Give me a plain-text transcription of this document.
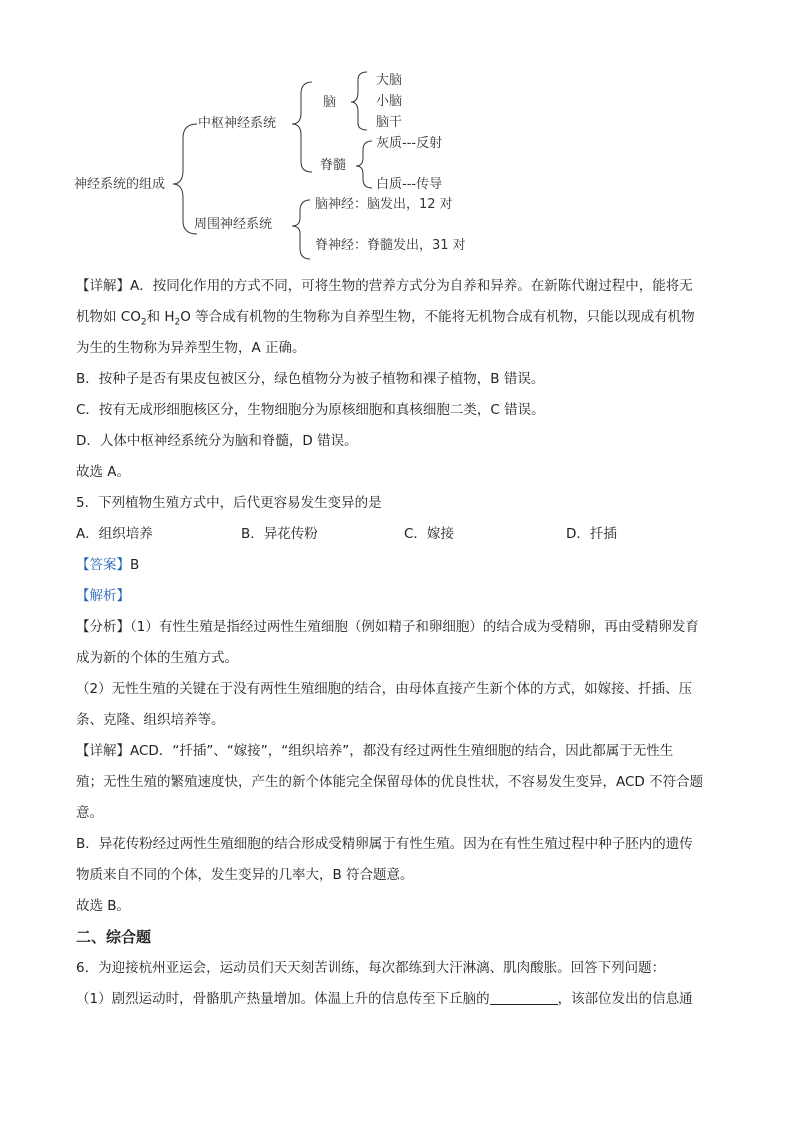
神经系统的组成
中枢神经系统
脑
大脑
小脑
脑干
脊髓
灰质---反射
白质---传导
周围神经系统
脑神经：脑发出，12 对
脊神经：脊髓发出，31 对
【详解】A．按同化作用的方式不同，可将生物的营养方式分为自养和异养。在新陈代谢过程中，能将无
机物如 $CO_2$和 $H_2O$ 等合成有机物的生物称为自养型生物，不能将无机物合成有机物，只能以现成有机物
为生的生物称为异养型生物，A 正确。
B．按种子是否有果皮包被区分，绿色植物分为被子植物和裸子植物，B 错误。
C．按有无成形细胞核区分，生物细胞分为原核细胞和真核细胞二类，C 错误。
D．人体中枢神经系统分为脑和脊髓，D 错误。
故选 A。
5．下列植物生殖方式中，后代更容易发生变异的是
A．组织培养	B．异花传粉	C．嫁接	D．扦插
【答案】B
【解析】
【分析】（1）有性生殖是指经过两性生殖细胞（例如精子和卵细胞）的结合成为受精卵，再由受精卵发育
成为新的个体的生殖方式。
（2）无性生殖的关键在于没有两性生殖细胞的结合，由母体直接产生新个体的方式，如嫁接、扦插、压
条、克隆、组织培养等。
【详解】ACD．“扦插”、“嫁接”，“组织培养”，都没有经过两性生殖细胞的结合，因此都属于无性生
殖；无性生殖的繁殖速度快，产生的新个体能完全保留母体的优良性状，不容易发生变异，ACD 不符合题
意。
B．异花传粉经过两性生殖细胞的结合形成受精卵属于有性生殖。因为在有性生殖过程中种子胚内的遗传
物质来自不同的个体，发生变异的几率大，B 符合题意。
故选 B。
二、综合题
6．为迎接杭州亚运会，运动员们天天刻苦训练，每次都练到大汗淋漓、肌肉酸胀。回答下列问题：
（1）剧烈运动时，骨骼肌产热量增加。体温上升的信息传至下丘脑的	，该部位发出的信息通
